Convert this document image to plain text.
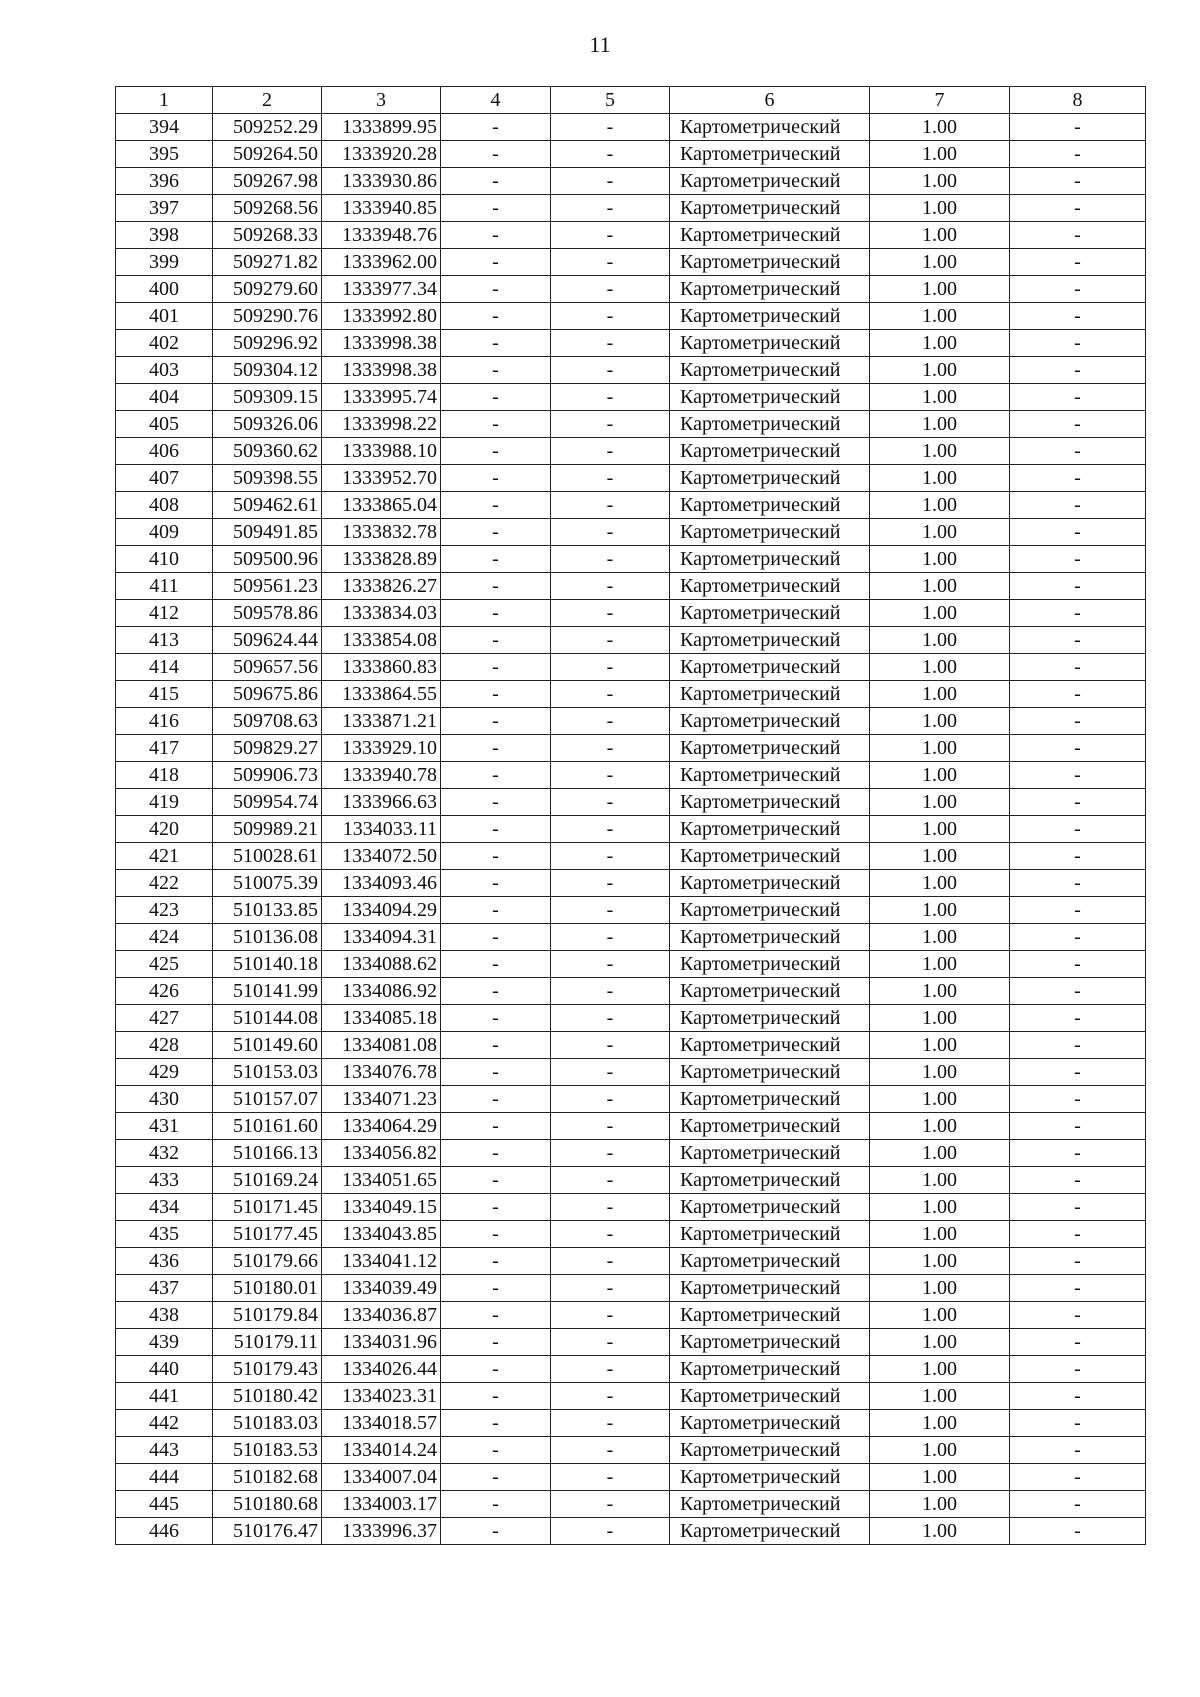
11
1	2	3	4	5	6	7	8
394	509252.29	1333899.95	-	-	Картометрический	1.00	-
395	509264.50	1333920.28	-	-	Картометрический	1.00	-
396	509267.98	1333930.86	-	-	Картометрический	1.00	-
397	509268.56	1333940.85	-	-	Картометрический	1.00	-
398	509268.33	1333948.76	-	-	Картометрический	1.00	-
399	509271.82	1333962.00	-	-	Картометрический	1.00	-
400	509279.60	1333977.34	-	-	Картометрический	1.00	-
401	509290.76	1333992.80	-	-	Картометрический	1.00	-
402	509296.92	1333998.38	-	-	Картометрический	1.00	-
403	509304.12	1333998.38	-	-	Картометрический	1.00	-
404	509309.15	1333995.74	-	-	Картометрический	1.00	-
405	509326.06	1333998.22	-	-	Картометрический	1.00	-
406	509360.62	1333988.10	-	-	Картометрический	1.00	-
407	509398.55	1333952.70	-	-	Картометрический	1.00	-
408	509462.61	1333865.04	-	-	Картометрический	1.00	-
409	509491.85	1333832.78	-	-	Картометрический	1.00	-
410	509500.96	1333828.89	-	-	Картометрический	1.00	-
411	509561.23	1333826.27	-	-	Картометрический	1.00	-
412	509578.86	1333834.03	-	-	Картометрический	1.00	-
413	509624.44	1333854.08	-	-	Картометрический	1.00	-
414	509657.56	1333860.83	-	-	Картометрический	1.00	-
415	509675.86	1333864.55	-	-	Картометрический	1.00	-
416	509708.63	1333871.21	-	-	Картометрический	1.00	-
417	509829.27	1333929.10	-	-	Картометрический	1.00	-
418	509906.73	1333940.78	-	-	Картометрический	1.00	-
419	509954.74	1333966.63	-	-	Картометрический	1.00	-
420	509989.21	1334033.11	-	-	Картометрический	1.00	-
421	510028.61	1334072.50	-	-	Картометрический	1.00	-
422	510075.39	1334093.46	-	-	Картометрический	1.00	-
423	510133.85	1334094.29	-	-	Картометрический	1.00	-
424	510136.08	1334094.31	-	-	Картометрический	1.00	-
425	510140.18	1334088.62	-	-	Картометрический	1.00	-
426	510141.99	1334086.92	-	-	Картометрический	1.00	-
427	510144.08	1334085.18	-	-	Картометрический	1.00	-
428	510149.60	1334081.08	-	-	Картометрический	1.00	-
429	510153.03	1334076.78	-	-	Картометрический	1.00	-
430	510157.07	1334071.23	-	-	Картометрический	1.00	-
431	510161.60	1334064.29	-	-	Картометрический	1.00	-
432	510166.13	1334056.82	-	-	Картометрический	1.00	-
433	510169.24	1334051.65	-	-	Картометрический	1.00	-
434	510171.45	1334049.15	-	-	Картометрический	1.00	-
435	510177.45	1334043.85	-	-	Картометрический	1.00	-
436	510179.66	1334041.12	-	-	Картометрический	1.00	-
437	510180.01	1334039.49	-	-	Картометрический	1.00	-
438	510179.84	1334036.87	-	-	Картометрический	1.00	-
439	510179.11	1334031.96	-	-	Картометрический	1.00	-
440	510179.43	1334026.44	-	-	Картометрический	1.00	-
441	510180.42	1334023.31	-	-	Картометрический	1.00	-
442	510183.03	1334018.57	-	-	Картометрический	1.00	-
443	510183.53	1334014.24	-	-	Картометрический	1.00	-
444	510182.68	1334007.04	-	-	Картометрический	1.00	-
445	510180.68	1334003.17	-	-	Картометрический	1.00	-
446	510176.47	1333996.37	-	-	Картометрический	1.00	-
